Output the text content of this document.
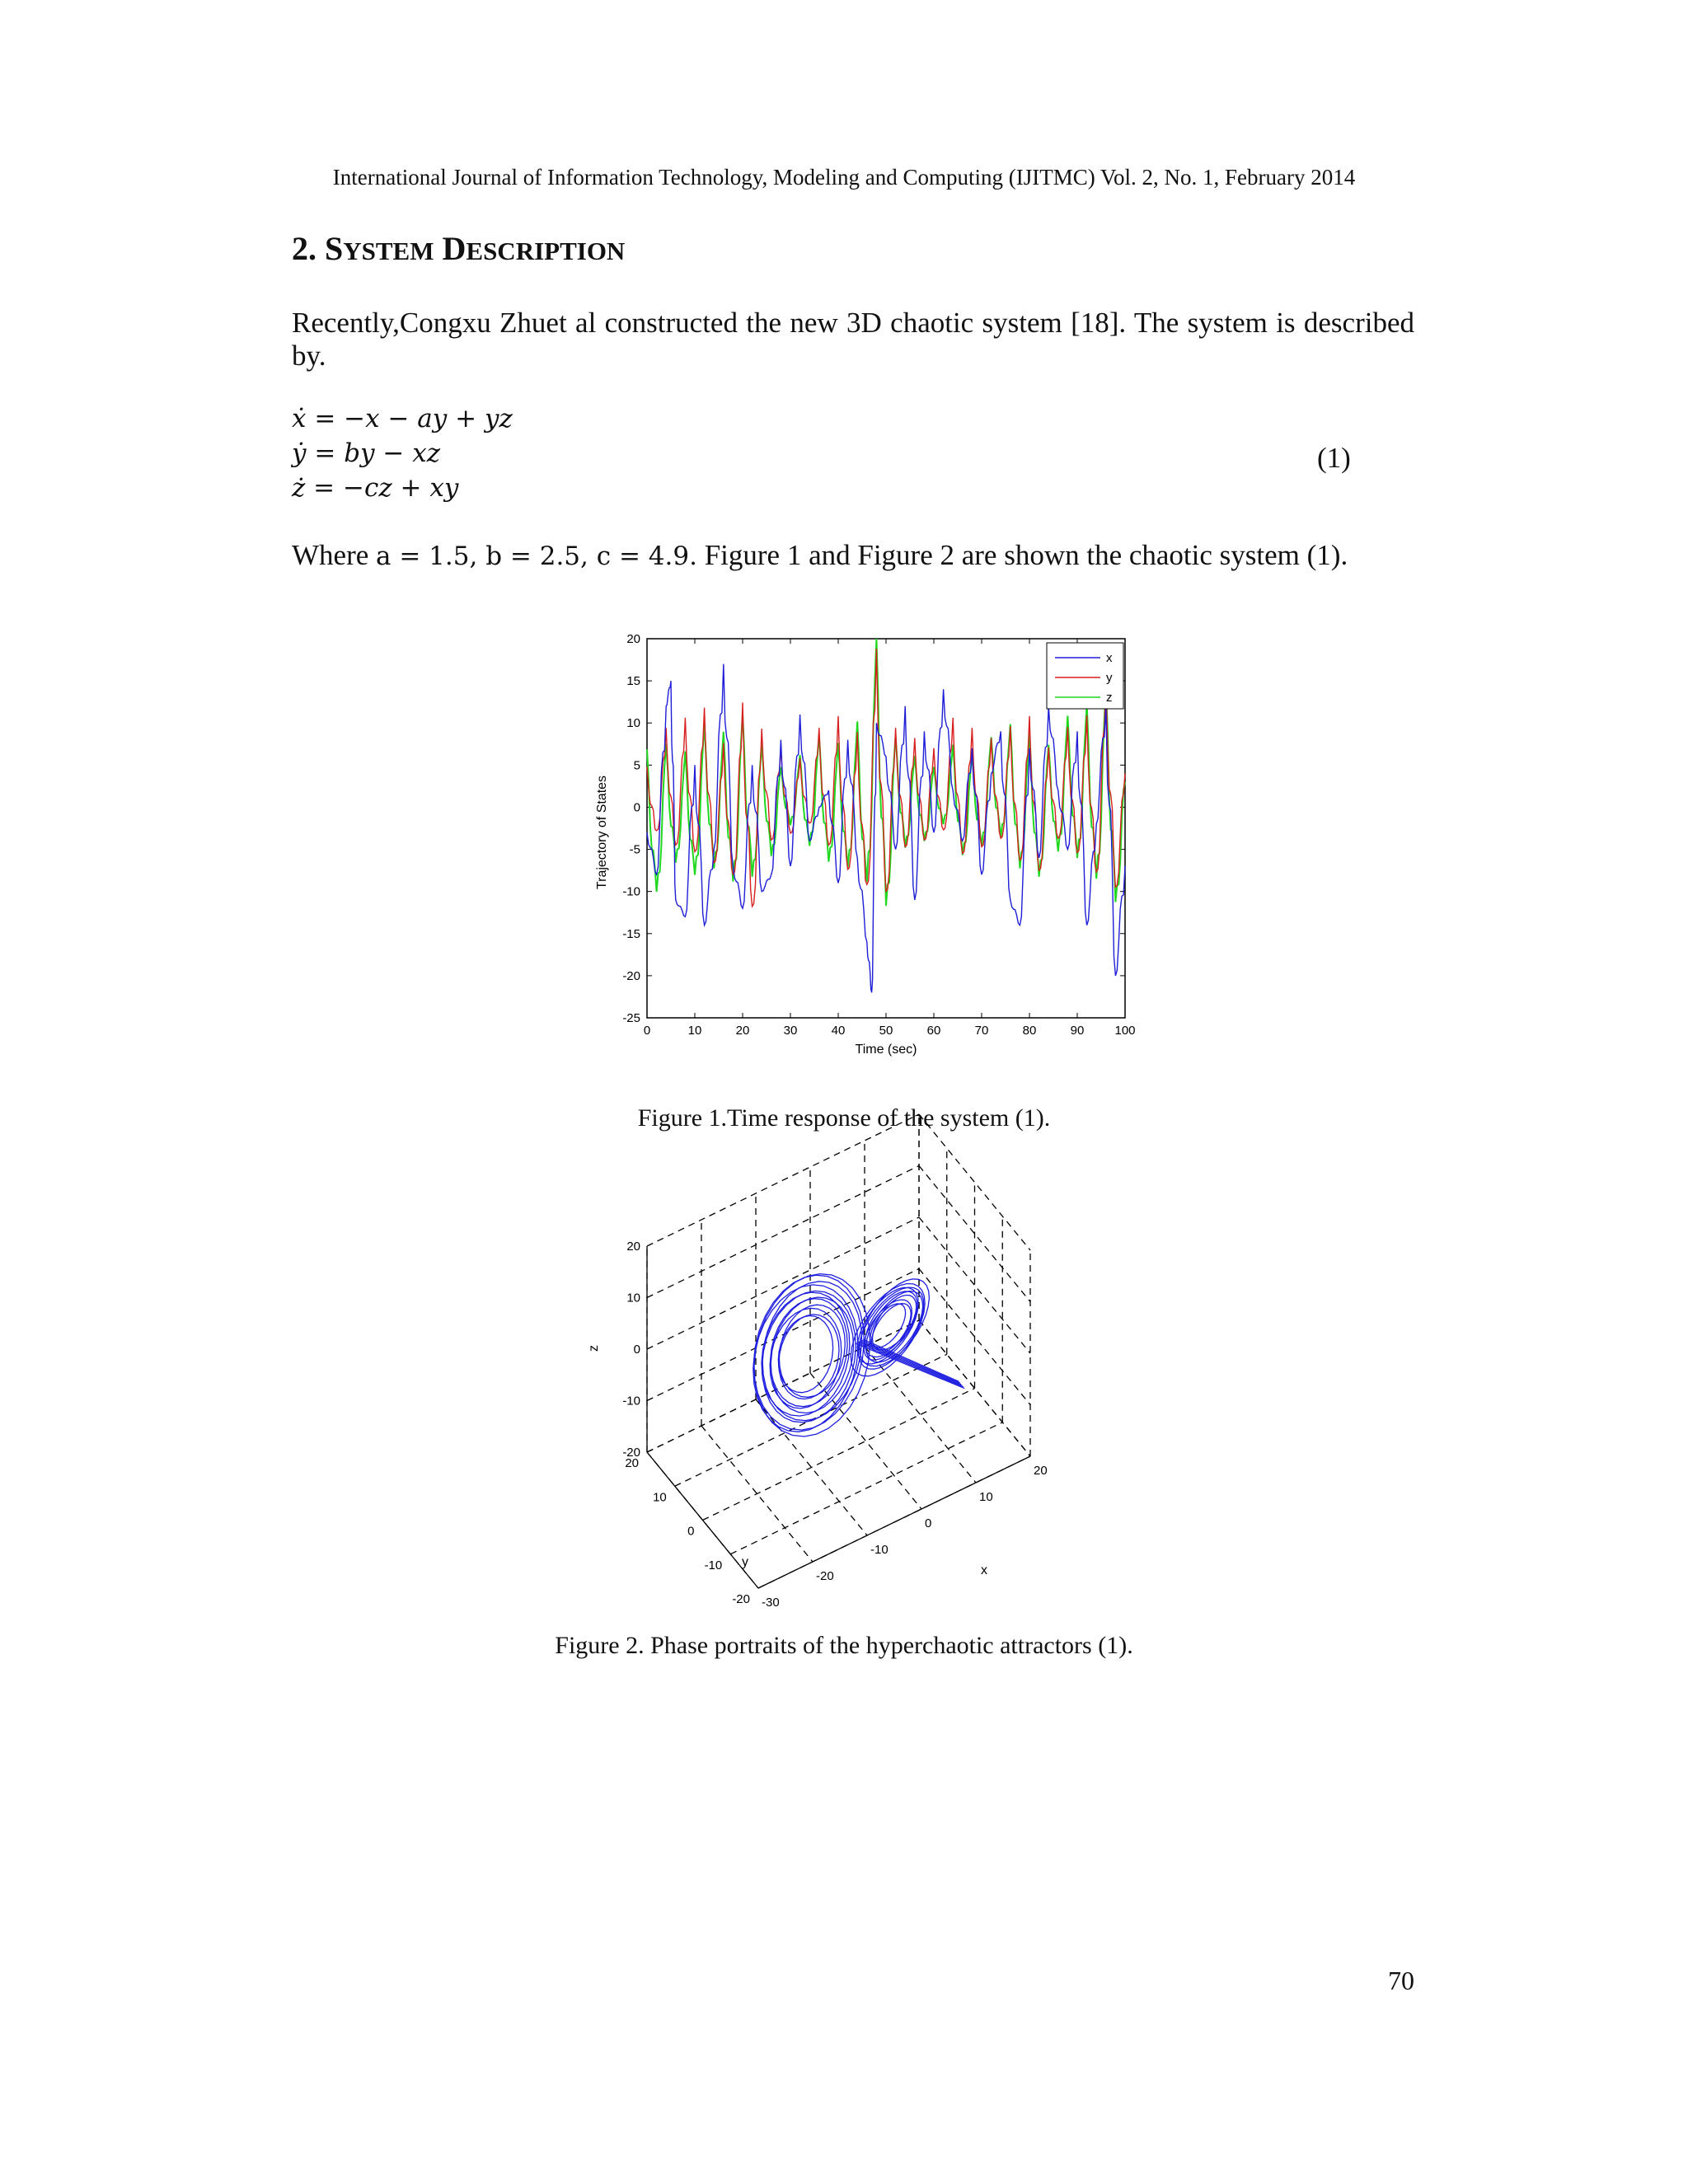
International Journal of Information Technology, Modeling and Computing (IJITMC) Vol. 2, No. 1, February 2014
2. SYSTEM DESCRIPTION
Recently,Congxu Zhuet al constructed the new 3D chaotic system [18]. The system is described by.
ẋ = −x − ay + yz
ẏ = by − xz
ż = −cz + xy
(1)
Where a = 1.5, b = 2.5, c = 4.9. Figure 1 and Figure 2 are shown the chaotic system (1).
Trajectory of States
Time (sec)
0	10	20	30	40	50	60	70	80	90 100
20
15
10
5
0
-5
-10
-15
-20
-25
x
y
z
Figure 1.Time response of the system (1).
20
10
0
-10
-20
20
10
0
-10
-20 -30
-20
-10
0
10
20
z
y
x
Figure 2. Phase portraits of the hyperchaotic attractors (1).
70
